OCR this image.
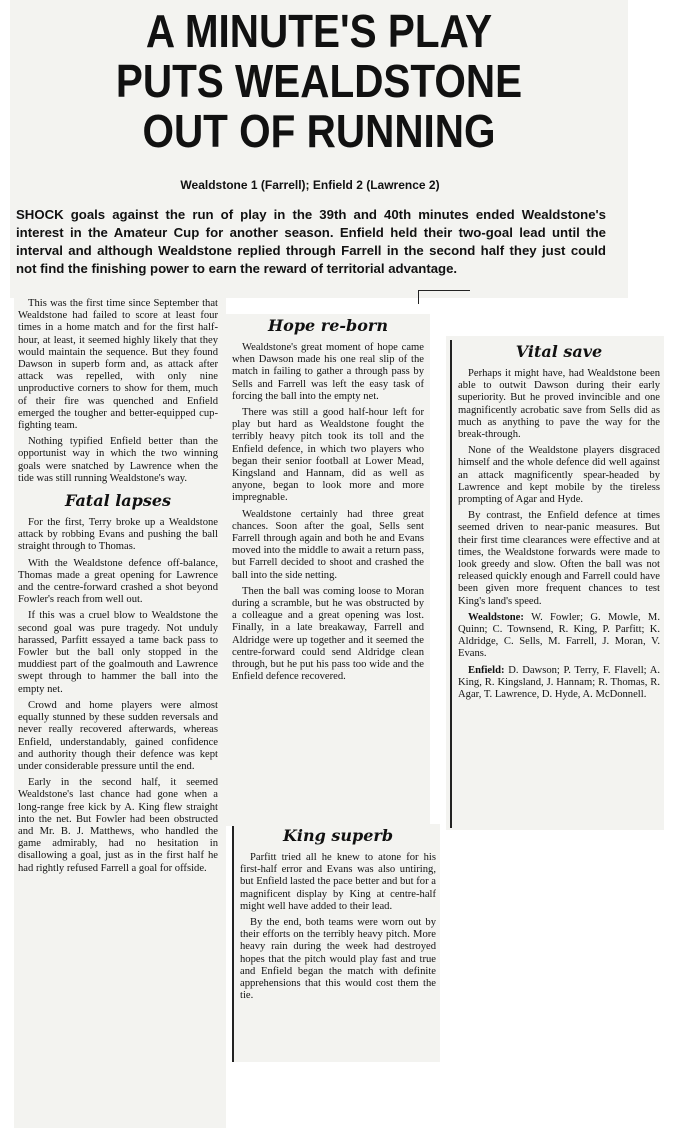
A MINUTE'S PLAY
PUTS WEALDSTONE
OUT OF RUNNING
Wealdstone 1 (Farrell); Enfield 2 (Lawrence 2)
SHOCK goals against the run of play in the 39th and 40th minutes ended Wealdstone's interest in the Amateur Cup for another season. Enfield held their two-goal lead until the interval and although Wealdstone replied through Farrell in the second half they just could not find the finishing power to earn the reward of territorial advantage.

This was the first time since September that Wealdstone had failed to score at least four times in a home match and for the first half-hour, at least, it seemed highly likely that they would maintain the sequence. But they found Dawson in superb form and, as attack after attack was repelled, with only nine unproductive corners to show for them, much of their fire was quenched and Enfield emerged the tougher and better-equipped cup-fighting team.

Nothing typified Enfield better than the opportunist way in which the two winning goals were snatched by Lawrence when the tide was still running Wealdstone's way.

Fatal lapses

For the first, Terry broke up a Wealdstone attack by robbing Evans and pushing the ball straight through to Thomas.

With the Wealdstone defence off-balance, Thomas made a great opening for Lawrence and the centre-forward crashed a shot beyond Fowler's reach from well out.

If this was a cruel blow to Wealdstone the second goal was pure tragedy. Not unduly harassed, Parfitt essayed a tame back pass to Fowler but the ball only stopped in the muddiest part of the goalmouth and Lawrence swept through to hammer the ball into the empty net.

Crowd and home players were almost equally stunned by these sudden reversals and never really recovered afterwards, whereas Enfield, understandably, gained confidence and authority though their defence was kept under considerable pressure until the end.

Early in the second half, it seemed Wealdstone's last chance had gone when a long-range free kick by A. King flew straight into the net. But Fowler had been obstructed and Mr. B. J. Matthews, who handled the game admirably, had no hesitation in disallowing a goal, just as in the first half he had rightly refused Farrell a goal for offside.

Hope re-born

Wealdstone's great moment of hope came when Dawson made his one real slip of the match in failing to gather a through pass by Sells and Farrell was left the easy task of forcing the ball into the empty net.

There was still a good half-hour left for play but hard as Wealdstone fought the terribly heavy pitch took its toll and the Enfield defence, in which two players who began their senior football at Lower Mead, Kingsland and Hannam, did as well as anyone, began to look more and more impregnable.

Wealdstone certainly had three great chances. Soon after the goal, Sells sent Farrell through again and both he and Evans moved into the middle to await a return pass, but Farrell decided to shoot and crashed the ball into the side netting.

Then the ball was coming loose to Moran during a scramble, but he was obstructed by a colleague and a great opening was lost. Finally, in a late breakaway, Farrell and Aldridge were up together and it seemed the centre-forward could send Aldridge clean through, but he put his pass too wide and the Enfield defence recovered.

King superb

Parfitt tried all he knew to atone for his first-half error and Evans was also untiring, but Enfield lasted the pace better and but for a magnificent display by King at centre-half might well have added to their lead.

By the end, both teams were worn out by their efforts on the terribly heavy pitch. More heavy rain during the week had destroyed hopes that the pitch would play fast and true and Enfield began the match with definite apprehensions that this would cost them the tie.

Vital save

Perhaps it might have, had Wealdstone been able to outwit Dawson during their early superiority. But he proved invincible and one magnificently acrobatic save from Sells did as much as anything to pave the way for the break-through.

None of the Wealdstone players disgraced himself and the whole defence did well against an attack magnificently spear-headed by Lawrence and kept mobile by the tireless prompting of Agar and Hyde.

By contrast, the Enfield defence at times seemed driven to near-panic measures. But their first time clearances were effective and at times, the Wealdstone forwards were made to look greedy and slow. Often the ball was not released quickly enough and Farrell could have been given more frequent chances to test King's land's speed.

Wealdstone: W. Fowler; G. Mowle, M. Quinn; C. Townsend, R. King, P. Parfitt; K. Aldridge, C. Sells, M. Farrell, J. Moran, V. Evans.

Enfield: D. Dawson; P. Terry, F. Flavell; A. King, R. Kingsland, J. Hannam; R. Thomas, R. Agar, T. Lawrence, D. Hyde, A. McDonnell.
